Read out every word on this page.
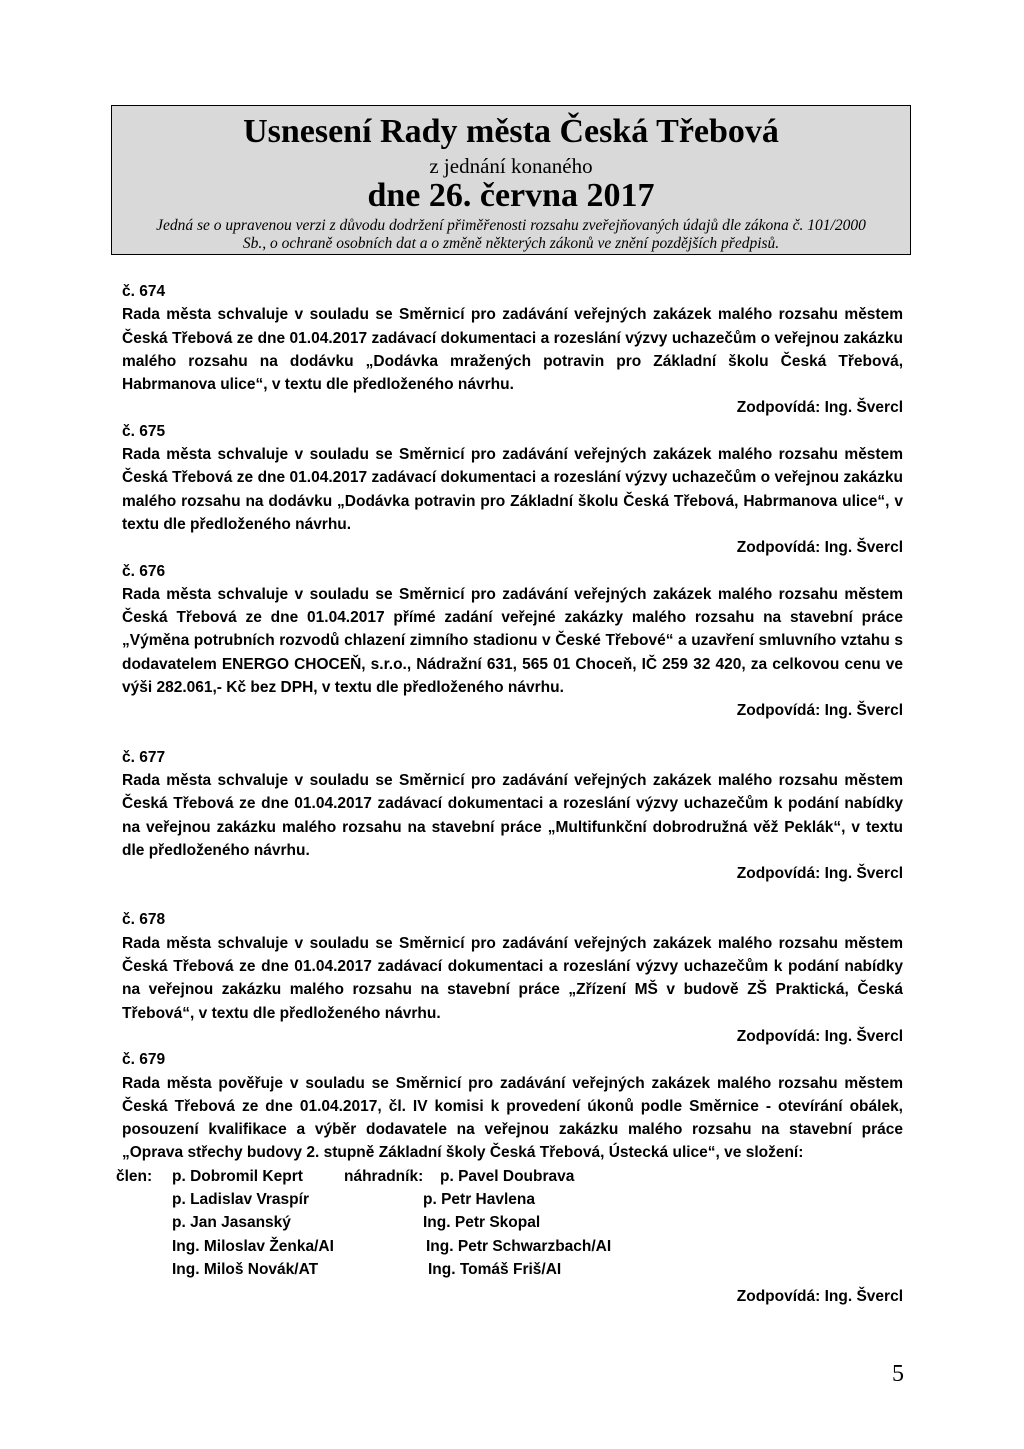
Usnesení Rady města Česká Třebová
z jednání konaného
dne 26. června 2017
Jedná se o upravenou verzi z důvodu dodržení přiměřenosti rozsahu zveřejňovaných údajů dle zákona č. 101/2000 Sb., o ochraně osobních dat a o změně některých zákonů ve znění pozdějších předpisů.

č. 674

Rada města schvaluje v souladu se Směrnicí pro zadávání veřejných zakázek malého rozsahu městem Česká Třebová ze dne 01.04.2017 zadávací dokumentaci a rozeslání výzvy uchazečům o veřejnou zakázku malého rozsahu na dodávku „Dodávka mražených potravin pro Základní školu Česká Třebová, Habrmanova ulice“, v textu dle předloženého návrhu.

Zodpovídá: Ing. Švercl

č. 675

Rada města schvaluje v souladu se Směrnicí pro zadávání veřejných zakázek malého rozsahu městem Česká Třebová ze dne 01.04.2017 zadávací dokumentaci a rozeslání výzvy uchazečům o veřejnou zakázku malého rozsahu na dodávku „Dodávka potravin pro Základní školu Česká Třebová, Habrmanova ulice“, v textu dle předloženého návrhu.

Zodpovídá: Ing. Švercl

č. 676

Rada města schvaluje v souladu se Směrnicí pro zadávání veřejných zakázek malého rozsahu městem Česká Třebová ze dne 01.04.2017 přímé zadání veřejné zakázky malého rozsahu na stavební práce „Výměna potrubních rozvodů chlazení zimního stadionu v České Třebové“ a uzavření smluvního vztahu s dodavatelem ENERGO CHOCEŇ, s.r.o., Nádražní 631, 565 01 Choceň, IČ 259 32 420, za celkovou cenu ve výši 282.061,- Kč bez DPH, v textu dle předloženého návrhu.

Zodpovídá: Ing. Švercl

č. 677

Rada města schvaluje v souladu se Směrnicí pro zadávání veřejných zakázek malého rozsahu městem Česká Třebová ze dne 01.04.2017 zadávací dokumentaci a rozeslání výzvy uchazečům k podání nabídky na veřejnou zakázku malého rozsahu na stavební práce „Multifunkční dobrodružná věž Peklák“, v textu dle předloženého návrhu.

Zodpovídá: Ing. Švercl

č. 678

Rada města schvaluje v souladu se Směrnicí pro zadávání veřejných zakázek malého rozsahu městem Česká Třebová ze dne 01.04.2017 zadávací dokumentaci a rozeslání výzvy uchazečům k podání nabídky na veřejnou zakázku malého rozsahu na stavební práce „Zřízení MŠ v budově ZŠ Praktická, Česká Třebová“, v textu dle předloženého návrhu.

Zodpovídá: Ing. Švercl

č. 679

Rada města pověřuje v souladu se Směrnicí pro zadávání veřejných zakázek malého rozsahu městem Česká Třebová ze dne 01.04.2017, čl. IV komisi k provedení úkonů podle Směrnice - otevírání obálek, posouzení kvalifikace a výběr dodavatele na veřejnou zakázku malého rozsahu na stavební práce „Oprava střechy budovy 2. stupně Základní školy Česká Třebová, Ústecká ulice“, ve složení:

člen: p. Dobromil Keprt	náhradník: p. Pavel Doubrava
p. Ladislav Vraspír	p. Petr Havlena
p. Jan Jasanský	Ing. Petr Skopal
Ing. Miloslav Ženka/AI	Ing. Petr Schwarzbach/AI
Ing. Miloš Novák/AT	Ing. Tomáš Friš/AI

Zodpovídá: Ing. Švercl

5
